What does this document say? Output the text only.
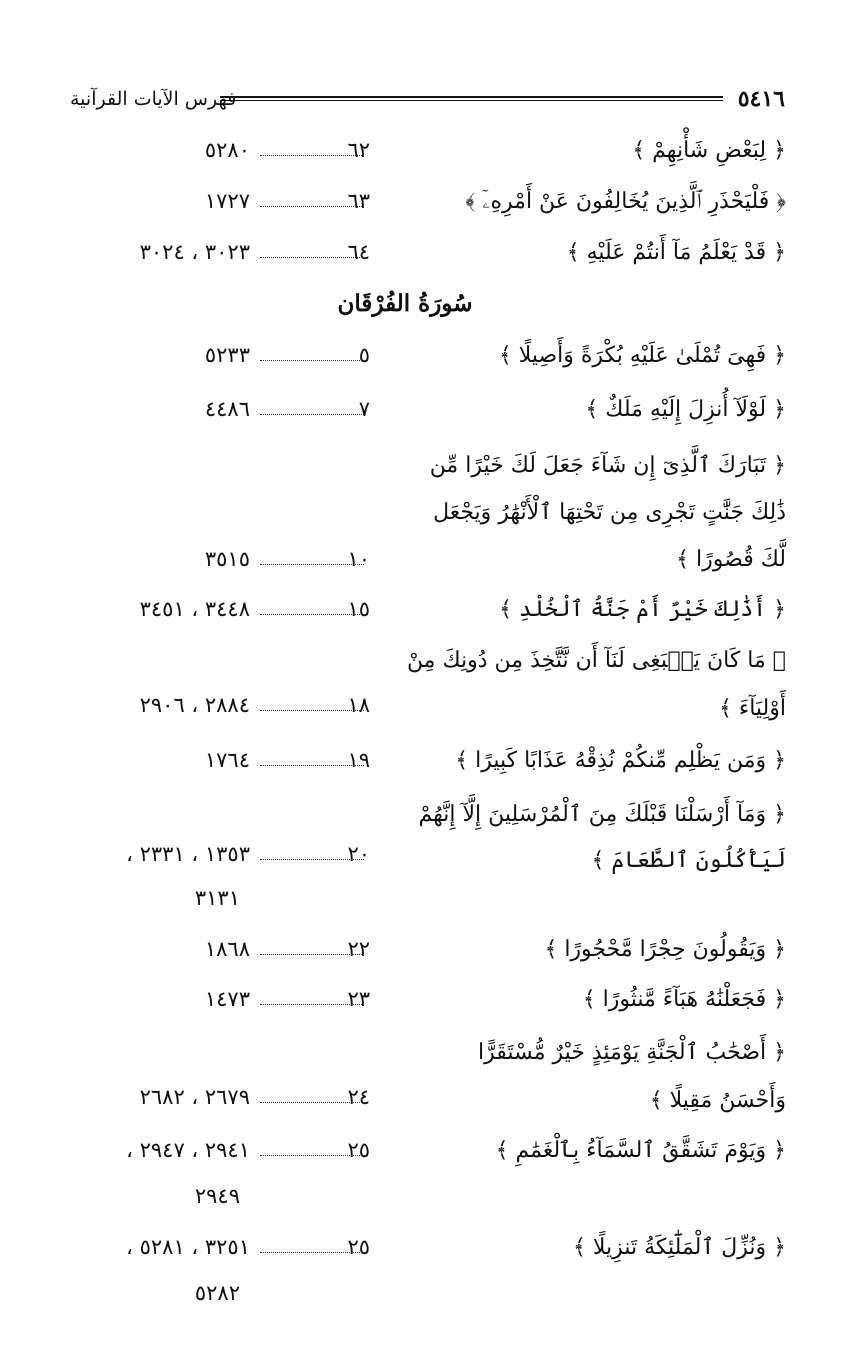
٥٤١٦
فهرس الآيات القرآنية
سُورَةُ الفُرْقَان
﴿ لِبَعْضِ شَأْنِهِمْ ﴾
٦٢
٥٢٨٠
﴿ فَلْيَحْذَرِ ٱلَّذِينَ يُخَالِفُونَ عَنْ أَمْرِهِۦٓ ﴾
٦٣
١٧٢٧
﴿ قَدْ يَعْلَمُ مَآ أَنتُمْ عَلَيْهِ ﴾
٦٤
٣٠٢٣ ، ٣٠٢٤
﴿ فَهِىَ تُمْلَىٰ عَلَيْهِ بُكْرَةً وَأَصِيلًا ﴾
٥
٥٢٣٣
﴿ لَوْلَآ أُنزِلَ إِلَيْهِ مَلَكٌ ﴾
٧
٤٤٨٦
﴿ تَبَارَكَ ٱلَّذِىٓ إِن شَآءَ جَعَلَ لَكَ خَيْرًا مِّن
ذَٰلِكَ جَنَّٰتٍ تَجْرِى مِن تَحْتِهَا ٱلْأَنْهَٰرُ وَيَجْعَل
لَّكَ قُصُورًا ﴾
١٠
٣٥١٥
﴿ أَذَٰلِكَ خَيْرٌ أَمْ جَنَّةُ ٱلْخُلْدِ ﴾
١٥
٣٤٤٨ ، ٣٤٥١
﴿ مَا كَانَ يَنۢبَغِى لَنَآ أَن نَّتَّخِذَ مِن دُونِكَ مِنْ
أَوْلِيَآءَ ﴾
١٨
٢٨٨٤ ، ٢٩٠٦
﴿ وَمَن يَظْلِم مِّنكُمْ نُذِقْهُ عَذَابًا كَبِيرًا ﴾
١٩
١٧٦٤
﴿ وَمَآ أَرْسَلْنَا قَبْلَكَ مِنَ ٱلْمُرْسَلِينَ إِلَّآ إِنَّهُمْ
لَيَأْكُلُونَ ٱلطَّعَامَ ﴾
٢٠
١٣٥٣ ، ٢٣٣١ ،
٣١٣١
﴿ وَيَقُولُونَ حِجْرًا مَّحْجُورًا ﴾
٢٢
١٨٦٨
﴿ فَجَعَلْنَٰهُ هَبَآءً مَّنثُورًا ﴾
٢٣
١٤٧٣
﴿ أَصْحَٰبُ ٱلْجَنَّةِ يَوْمَئِذٍ خَيْرٌ مُّسْتَقَرًّا
وَأَحْسَنُ مَقِيلًا ﴾
٢٤
٢٦٧٩ ، ٢٦٨٢
﴿ وَيَوْمَ تَشَقَّقُ ٱلسَّمَآءُ بِٱلْغَمَٰمِ ﴾
٢٥
٢٩٤١ ، ٢٩٤٧ ،
٢٩٤٩
﴿ وَنُزِّلَ ٱلْمَلَٰٓئِكَةُ تَنزِيلًا ﴾
٢٥
٣٢٥١ ، ٥٢٨١ ،
٥٢٨٢
